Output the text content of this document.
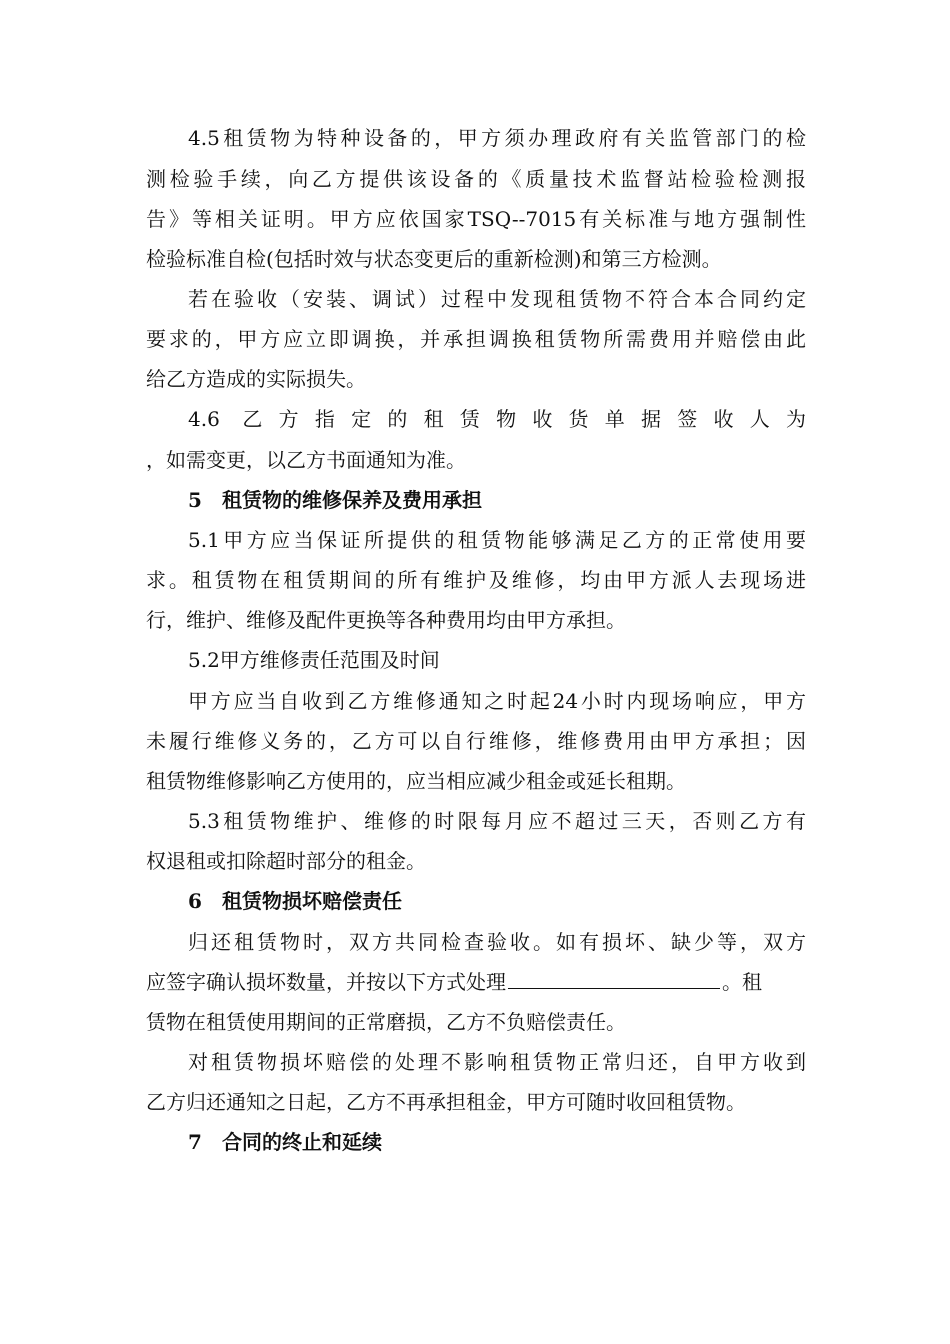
4.5租赁物为特种设备的，甲方须办理政府有关监管部门的检
测检验手续，向乙方提供该设备的《质量技术监督站检验检测报
告》等相关证明。甲方应依国家TSQ--7015有关标准与地方强制性
检验标准自检(包括时效与状态变更后的重新检测)和第三方检测。
若在验收（安装、调试）过程中发现租赁物不符合本合同约定
要求的，甲方应立即调换，并承担调换租赁物所需费用并赔偿由此
给乙方造成的实际损失。
4.6 乙方指定的租赁物收货单据签收人为
，如需变更，以乙方书面通知为准。
5 租赁物的维修保养及费用承担
5.1甲方应当保证所提供的租赁物能够满足乙方的正常使用要
求。租赁物在租赁期间的所有维护及维修，均由甲方派人去现场进
行，维护、维修及配件更换等各种费用均由甲方承担。
5.2甲方维修责任范围及时间
甲方应当自收到乙方维修通知之时起24小时内现场响应，甲方
未履行维修义务的，乙方可以自行维修，维修费用由甲方承担；因
租赁物维修影响乙方使用的，应当相应减少租金或延长租期。
5.3租赁物维护、维修的时限每月应不超过三天，否则乙方有
权退租或扣除超时部分的租金。
6 租赁物损坏赔偿责任
归还租赁物时，双方共同检查验收。如有损坏、缺少等，双方
应签字确认损坏数量，并按以下方式处理	。租
赁物在租赁使用期间的正常磨损，乙方不负赔偿责任。
对租赁物损坏赔偿的处理不影响租赁物正常归还，自甲方收到
乙方归还通知之日起，乙方不再承担租金，甲方可随时收回租赁物。
7 合同的终止和延续
